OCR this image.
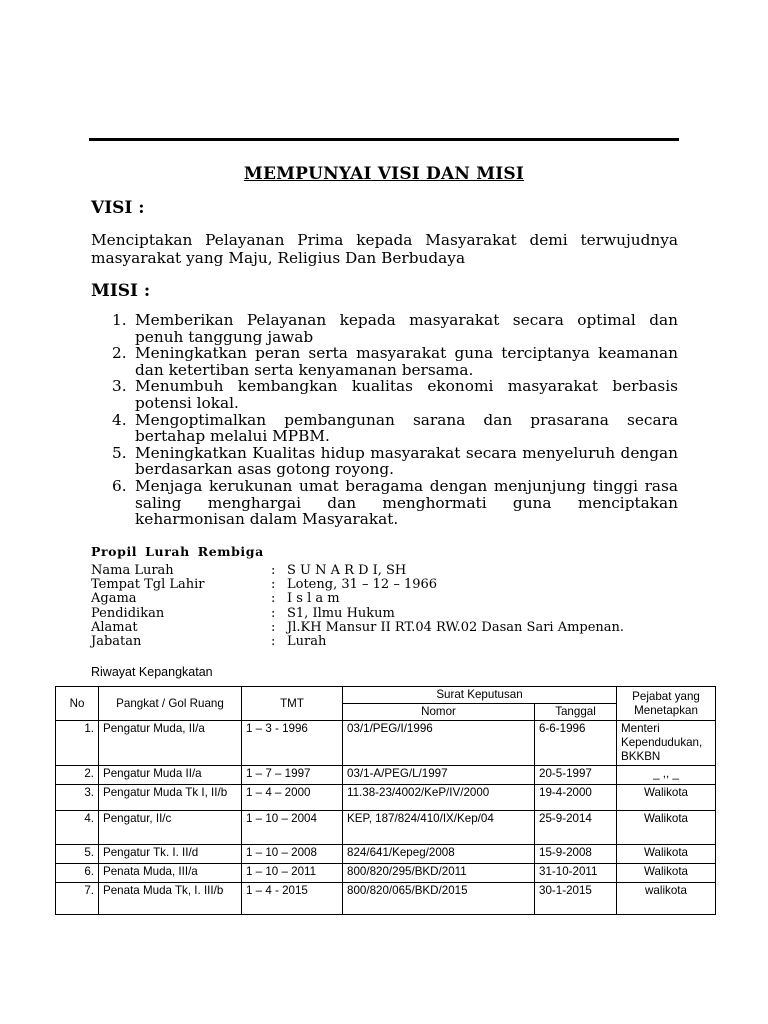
MEMPUNYAI VISI DAN MISI
VISI :
Menciptakan Pelayanan Prima kepada Masyarakat demi terwujudnya masyarakat yang Maju, Religius Dan Berbudaya
MISI :
1. Memberikan Pelayanan kepada masyarakat secara optimal dan penuh tanggung jawab
2. Meningkatkan peran serta masyarakat guna terciptanya keamanan dan ketertiban serta kenyamanan bersama.
3. Menumbuh kembangkan kualitas ekonomi masyarakat berbasis potensi lokal.
4. Mengoptimalkan pembangunan sarana dan prasarana secara bertahap melalui MPBM.
5. Meningkatkan Kualitas hidup masyarakat secara menyeluruh dengan berdasarkan asas gotong royong.
6. Menjaga kerukunan umat beragama dengan menjunjung tinggi rasa saling menghargai dan menghormati guna menciptakan keharmonisan dalam Masyarakat.
Propil Lurah Rembiga
Nama Lurah	: S U N A R D I, SH
Tempat Tgl Lahir	: Loteng, 31 – 12 – 1966
Agama	: I s l a m
Pendidikan	: S1, Ilmu Hukum
Alamat	: Jl.KH Mansur II RT.04 RW.02 Dasan Sari Ampenan.
Jabatan	: Lurah
Riwayat Kepangkatan
No	Pangkat / Gol Ruang	TMT	Surat Keputusan		Pejabat yang Menetapkan
			Nomor	Tanggal	
1.	Pengatur Muda, II/a	1 – 3 - 1996	03/1/PEG/I/1996	6-6-1996	Menteri Kependudukan, BKKBN
2.	Pengatur Muda II/a	1 – 7 – 1997	03/1-A/PEG/L/1997	20-5-1997	_ ,, _
3.	Pengatur Muda Tk I, II/b	1 – 4 – 2000	11.38-23/4002/KeP/IV/2000	19-4-2000	Walikota
4.	Pengatur, II/c	1 – 10 – 2004	KEP, 187/824/410/IX/Kep/04	25-9-2014	Walikota
5.	Pengatur Tk. I. II/d	1 – 10 – 2008	824/641/Kepeg/2008	15-9-2008	Walikota
6.	Penata Muda, III/a	1 – 10 – 2011	800/820/295/BKD/2011	31-10-2011	Walikota
7.	Penata Muda Tk, I. III/b	1 – 4 - 2015	800/820/065/BKD/2015	30-1-2015	walikota
